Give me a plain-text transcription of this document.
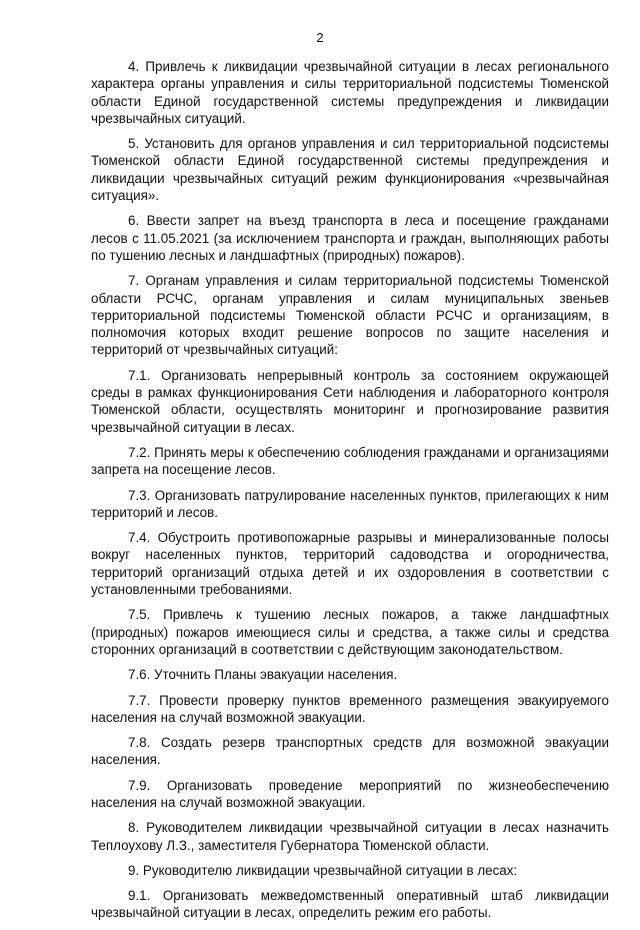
2

4. Привлечь к ликвидации чрезвычайной ситуации в лесах регионального характера органы управления и силы территориальной подсистемы Тюменской области Единой государственной системы предупреждения и ликвидации чрезвычайных ситуаций.

5. Установить для органов управления и сил территориальной подсистемы Тюменской области Единой государственной системы предупреждения и ликвидации чрезвычайных ситуаций режим функционирования «чрезвычайная ситуация».

6. Ввести запрет на въезд транспорта в леса и посещение гражданами лесов с 11.05.2021 (за исключением транспорта и граждан, выполняющих работы по тушению лесных и ландшафтных (природных) пожаров).

7. Органам управления и силам территориальной подсистемы Тюменской области РСЧС, органам управления и силам муниципальных звеньев территориальной подсистемы Тюменской области РСЧС и организациям, в полномочия которых входит решение вопросов по защите населения и территорий от чрезвычайных ситуаций:

7.1. Организовать непрерывный контроль за состоянием окружающей среды в рамках функционирования Сети наблюдения и лабораторного контроля Тюменской области, осуществлять мониторинг и прогнозирование развития чрезвычайной ситуации в лесах.

7.2. Принять меры к обеспечению соблюдения гражданами и организациями запрета на посещение лесов.

7.3. Организовать патрулирование населенных пунктов, прилегающих к ним территорий и лесов.

7.4. Обустроить противопожарные разрывы и минерализованные полосы вокруг населенных пунктов, территорий садоводства и огородничества, территорий организаций отдыха детей и их оздоровления в соответствии с установленными требованиями.

7.5. Привлечь к тушению лесных пожаров, а также ландшафтных (природных) пожаров имеющиеся силы и средства, а также силы и средства сторонних организаций в соответствии с действующим законодательством.

7.6. Уточнить Планы эвакуации населения.

7.7. Провести проверку пунктов временного размещения эвакуируемого населения на случай возможной эвакуации.

7.8. Создать резерв транспортных средств для возможной эвакуации населения.

7.9. Организовать проведение мероприятий по жизнеобеспечению населения на случай возможной эвакуации.

8. Руководителем ликвидации чрезвычайной ситуации в лесах назначить Теплоухову Л.З., заместителя Губернатора Тюменской области.

9. Руководителю ликвидации чрезвычайной ситуации в лесах:

9.1. Организовать межведомственный оперативный штаб ликвидации чрезвычайной ситуации в лесах, определить режим его работы.
